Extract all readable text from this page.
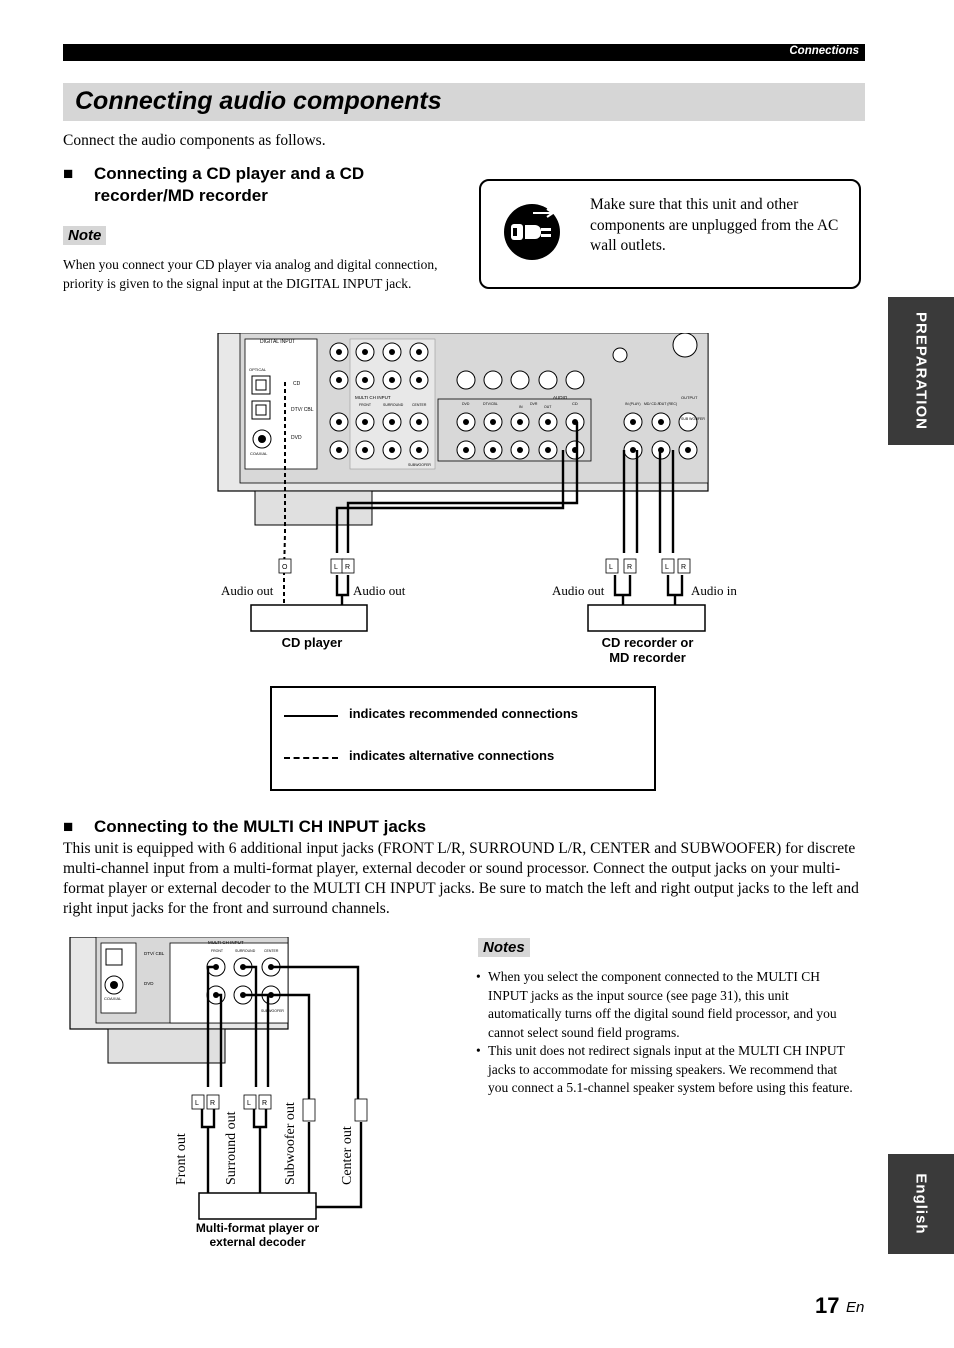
Connections
Connecting audio components
Connect the audio components as follows.
■ Connecting a CD player and a CD
recorder/MD recorder
Note
When you connect your CD player via analog and digital connection, priority is given to the signal input at the DIGITAL INPUT jack.
Make sure that this unit and other components are unplugged from the AC wall outlets.
PREPARATION
English
DIGITAL INPUT
OPTICAL
COAXIAL
CD
DTV/ CBL
DVD
MULTI CH INPUT
FRONT	SURROUND	CENTER
SUBWOOFER
AUDIO
DVD	DTV/CBL
IN
DVR
OUT
CD	IN (PLAY) MD/ CD-R
OUT (REC)
OUTPUT
SUB WOOFER
O	L R	L R	L R
Audio out	Audio out	Audio out	Audio in
CD player	CD recorder or
MD recorder
indicates recommended connections
indicates alternative connections
■ Connecting to the MULTI CH INPUT jacks
This unit is equipped with 6 additional input jacks (FRONT L/R, SURROUND L/R, CENTER and SUBWOOFER) for discrete multi-channel input from a multi-format player, external decoder or sound processor. Connect the output jacks on your multi-format player or external decoder to the MULTI CH INPUT jacks. Be sure to match the left and right output jacks to the left and right input jacks for the front and surround channels.
COAXIAL
DTV/ CBL
DVD
MULTI CH INPUT
FRONT	SURROUND	CENTER
SUBWOOFER
L R	L R
Front out	Surround out	Subwoofer out	Center out
Multi-format player or
external decoder
Notes
• When you select the component connected to the MULTI CH INPUT jacks as the input source (see page 31), this unit automatically turns off the digital sound field processor, and you cannot select sound field programs.
• This unit does not redirect signals input at the MULTI CH INPUT jacks to accommodate for missing speakers. We recommend that you connect a 5.1-channel speaker system before using this feature.
17 En
